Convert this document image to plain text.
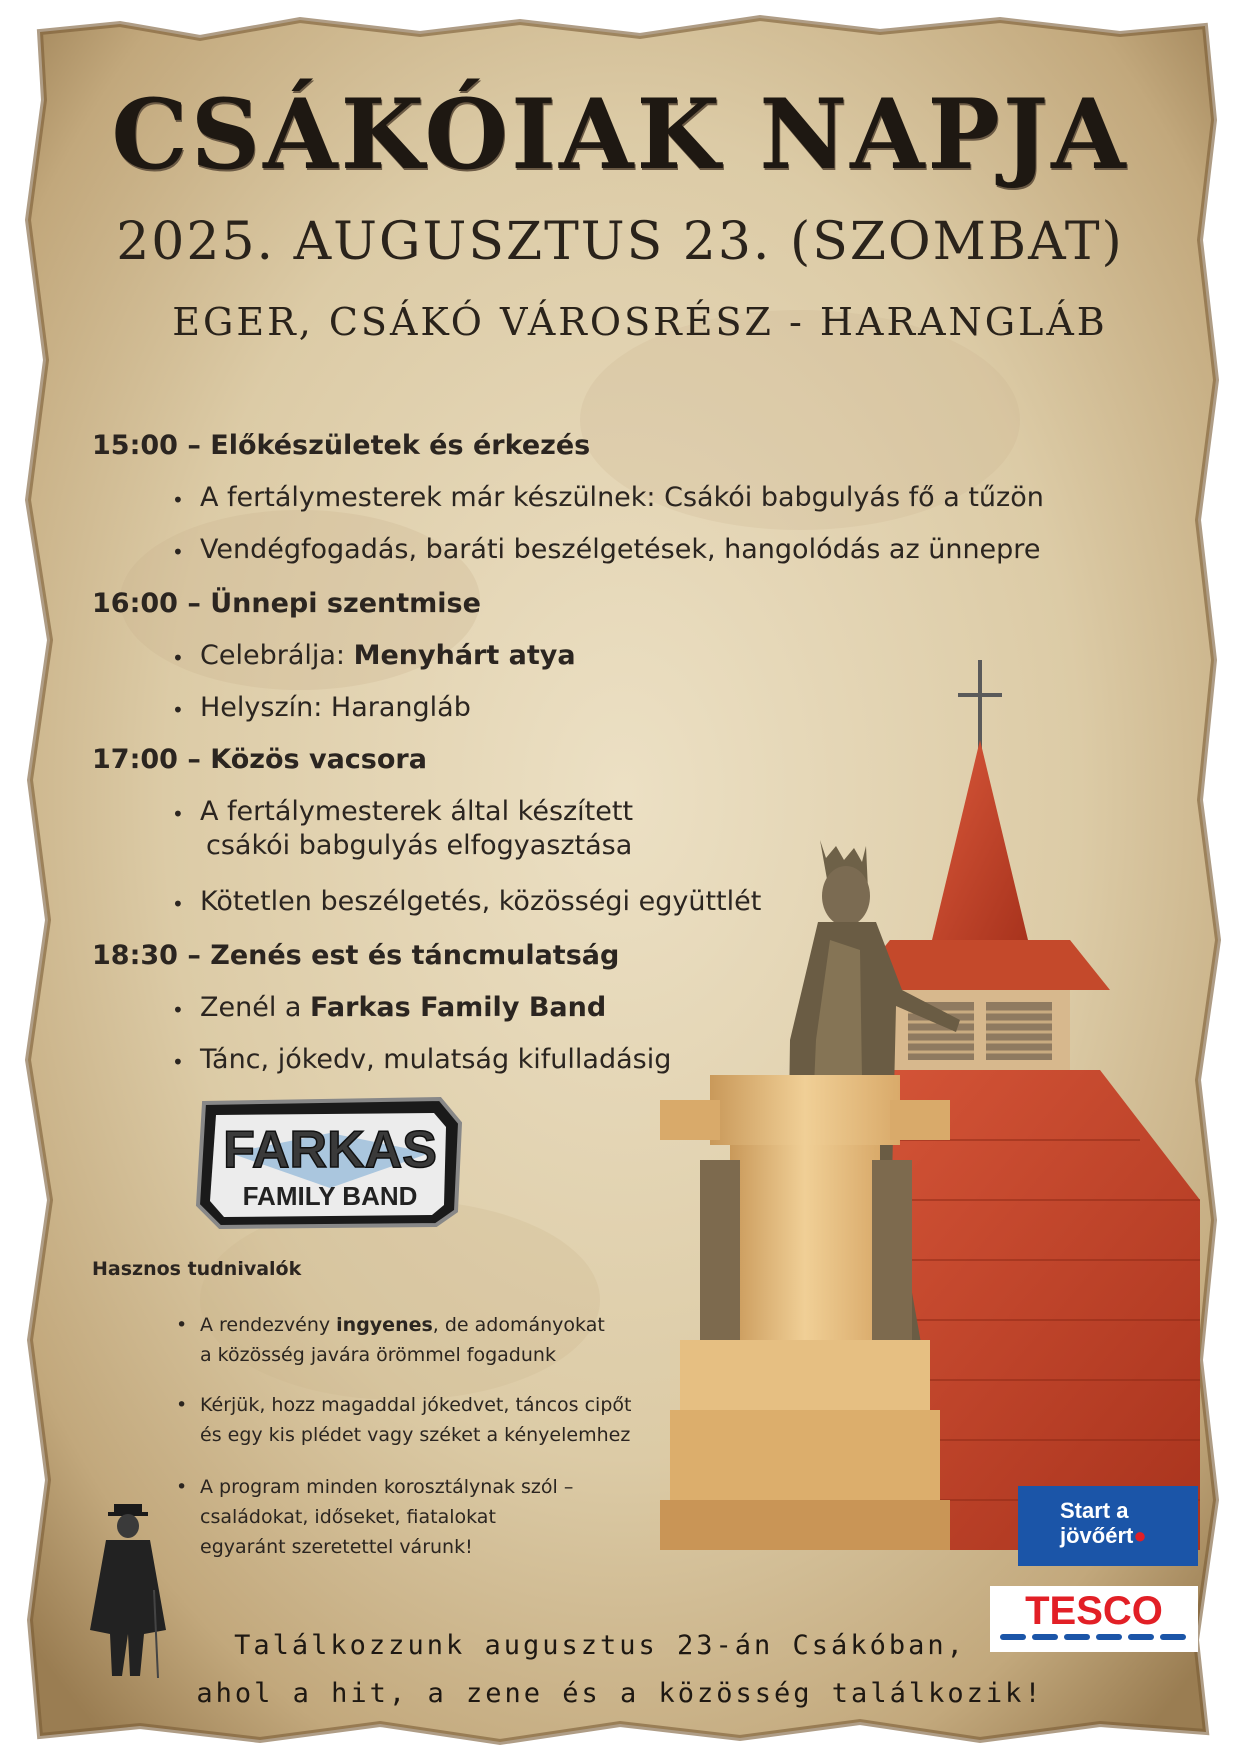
CSÁKÓIAK NAPJA
2025. AUGUSZTUS 23. (SZOMBAT)
EGER, CSÁKÓ VÁROSRÉSZ - HARANGLÁB
15:00 – Előkészületek és érkezés
• A fertálymesterek már készülnek: Csákói babgulyás fő a tűzön
• Vendégfogadás, baráti beszélgetések, hangolódás az ünnepre
16:00 – Ünnepi szentmise
• Celebrálja: Menyhárt atya
• Helyszín: Harangláb
17:00 – Közös vacsora
• A fertálymesterek által készített
csákói babgulyás elfogyasztása
• Kötetlen beszélgetés, közösségi együttlét
18:30 – Zenés est és táncmulatság
• Zenél a Farkas Family Band
• Tánc, jókedv, mulatság kifulladásig
FARKAS
FAMILY BAND
Hasznos tudnivalók
• A rendezvény ingyenes, de adományokat
a közösség javára örömmel fogadunk
• Kérjük, hozz magaddal jókedvet, táncos cipőt
és egy kis plédet vagy széket a kényelemhez
• A program minden korosztálynak szól –
családokat, időseket, fiatalokat
egyaránt szeretettel várunk!
Start a
jövőért●
TESCO
Találkozzunk augusztus 23-án Csákóban,
ahol a hit, a zene és a közösség találkozik!
